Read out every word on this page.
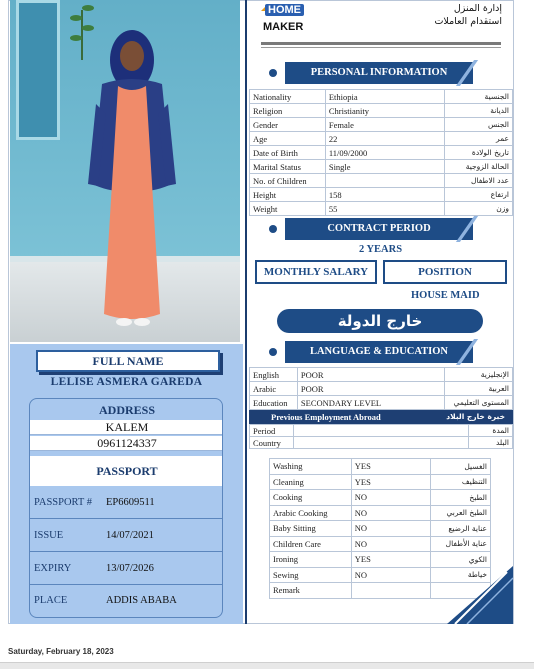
FULL NAME
LELISE ASMERA GAREDA
ADDRESS
KALEM
0961124337
PASSPORT
PASSPORT # EP6609511
ISSUE	14/07/2021
EXPIRY	13/07/2026
PLACE	ADDIS ABABA
HOME
MAKER
إدارة المنزل
استقدام العاملات
PERSONAL INFORMATION
Nationality	Ethiopia	الجنسية
Religion	Christianity	الديانة
Gender	Female	الجنس
Age	22	عمر
Date of Birth	11/09/2000	تاريخ الولادة
Marital Status	Single	الحالة الزوجية
No. of Children		عدد الاطفال
Height	158	ارتفاع
Weight	55	وزن
CONTRACT PERIOD
2 YEARS
MONTHLY SALARY	POSITION
HOUSE MAID
خارج الدولة
LANGUAGE & EDUCATION
English	POOR	الإنجليزية
Arabic	POOR	العربية
Education	SECONDARY LEVEL	المستوى التعليمي
Previous Employment Abroad	خبرة خارج البلاد
Period		المدة
Country		البلد
Washing	YES	الغسيل
Cleaning	YES	التنظيف
Cooking	NO	الطبخ
Arabic Cooking	NO	الطبخ العربي
Baby Sitting	NO	عناية الرضيع
Children Care	NO	عناية الأطفال
Ironing	YES	الكوي
Sewing	NO	خياطة
Remark		
Saturday, February 18, 2023
